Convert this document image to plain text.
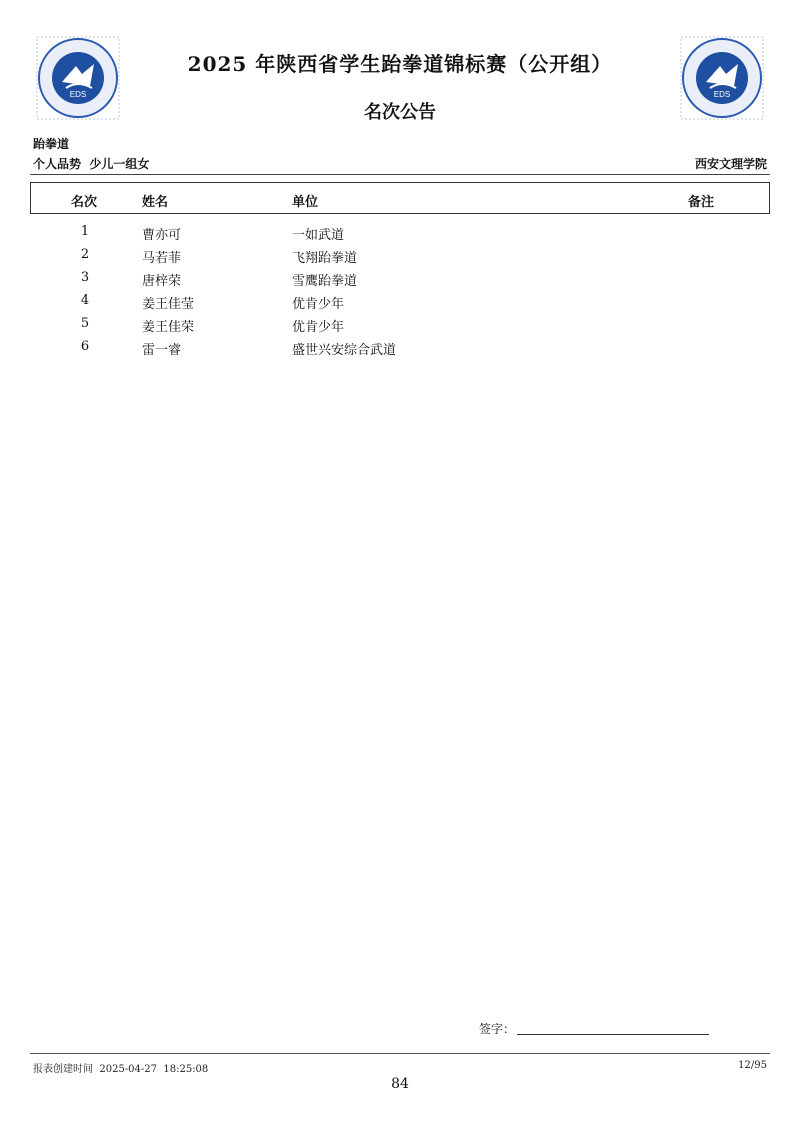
EDS	EDS
2025 年陕西省学生跆拳道锦标赛（公开组）
名次公告
跆拳道
个人品势  少儿一组女	西安文理学院
名次	姓名	单位	备注
1	曹亦可	一如武道
2	马若菲	飞翔跆拳道
3	唐梓荣	雪鹰跆拳道
4	姜王佳莹	优肯少年
5	姜王佳荣	优肯少年
6	雷一睿	盛世兴安综合武道
签字：
报表创建时间  2025-04-27  18:25:08	12/95
84
